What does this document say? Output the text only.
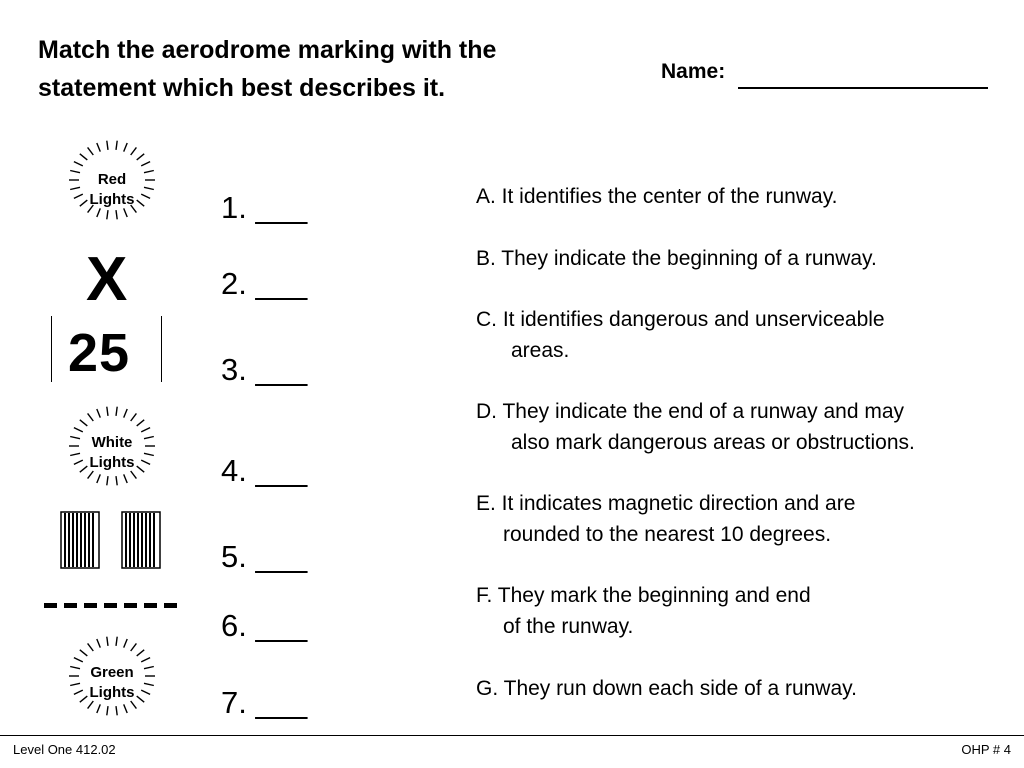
Match the aerodrome marking with the
statement which best describes it.
Name:
Red
Lights
X
25
White
Lights
Green
Lights
1. ___
2. ___
3. ___
4. ___
5. ___
6. ___
7. ___
A. It identifies the center of the runway.
B. They indicate the beginning of a runway.
C. It identifies dangerous and unserviceable
areas.
D. They indicate the end of a runway and may
also mark dangerous areas or obstructions.
E. It indicates magnetic direction and are
rounded to the nearest 10 degrees.
F. They mark the beginning and end
of the runway.
G. They run down each side of a runway.
Level One 412.02	OHP # 4
